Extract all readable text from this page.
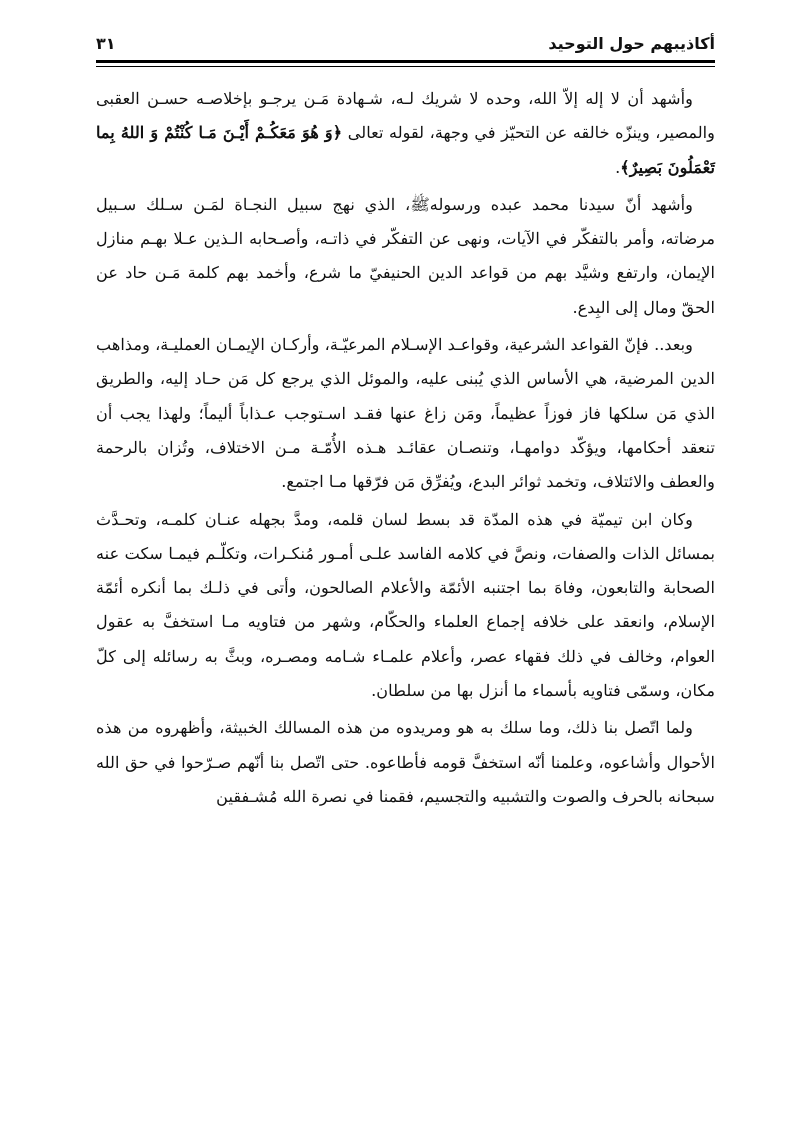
أكاذيبهم حول التوحيد
٣١

وأشهد أن لا إله إلاّ الله، وحده لا شريك لـه، شـهادة مَـن يرجـو بإخلاصـه حسـن العقبى والمصير، وينزّه خالقه عن التحيّز في وجهة، لقوله تعالى ﴿وَ هُوَ مَعَكُـمْ أَيْـنَ مَـا كُنْتُمْ وَ اللهُ بِما تَعْمَلُونَ بَصِيرٌ﴾.

وأشهد أنّ سيدنا محمد عبده ورسولهﷺ، الذي نهج سبيل النجـاة لمَـن سـلك سـبيل مرضاته، وأمر بالتفكّر في الآيات، ونهى عن التفكّر في ذاتـه، وأصـحابه الـذين عـلا بهـم منازل الإيمان، وارتفع وشيَّد بهم من قواعد الدين الحنيفيّ ما شرع، وأخمد بهم كلمة مَـن حاد عن الحقّ ومال إلى البِدع.

وبعد.. فإنّ القواعد الشرعية، وقواعـد الإسـلام المرعيّـة، وأركـان الإيمـان العمليـة، ومذاهب الدين المرضية، هي الأساس الذي يُبنى عليه، والموئل الذي يرجع كل مَن حـاد إليه، والطريق الذي مَن سلكها فاز فوزاً عظيماً، ومَن زاغ عنها فقـد اسـتوجب عـذاباً أليماً؛ ولهذا يجب أن تنعقد أحكامها، ويؤكّد دوامهـا، وتنصـان عقائـد هـذه الأُمّـة مـن الاختلاف، وتُزان بالرحمة والعطف والائتلاف، وتخمد ثوائر البدع، ويُفرِّق مَن فرّقها مـا اجتمع.

وكان ابن تيميّة في هذه المدّة قد بسط لسان قلمه، ومدَّ بجهله عنـان كلمـه، وتحـدَّث بمسائل الذات والصفات، ونصَّ في كلامه الفاسد علـى أمـور مُنكـرات، وتكلّـم فيمـا سكت عنه الصحابة والتابعون، وفاهَ بما اجتنبه الأئمّة والأعلام الصالحون، وأتى في ذلـك بما أنكره أئمّة الإسلام، وانعقد على خلافه إجماع العلماء والحكّام، وشهر من فتاويه مـا استخفَّ به عقول العوام، وخالف في ذلك فقهاء عصر، وأعلام علمـاء شـامه ومصـره، وبثَّ به رسائله إلى كلّ مكان، وسمّى فتاويه بأسماء ما أنزل بها من سلطان.

ولما اتّصل بنا ذلك، وما سلك به هو ومريدوه من هذه المسالك الخبيثة، وأظهروه من هذه الأحوال وأشاعوه، وعلمنا أنّه استخفَّ قومه فأطاعوه. حتى اتّصل بنا أنّهم صـرّحوا في حق الله سبحانه بالحرف والصوت والتشبيه والتجسيم، فقمنا في نصرة الله مُشـفقين
